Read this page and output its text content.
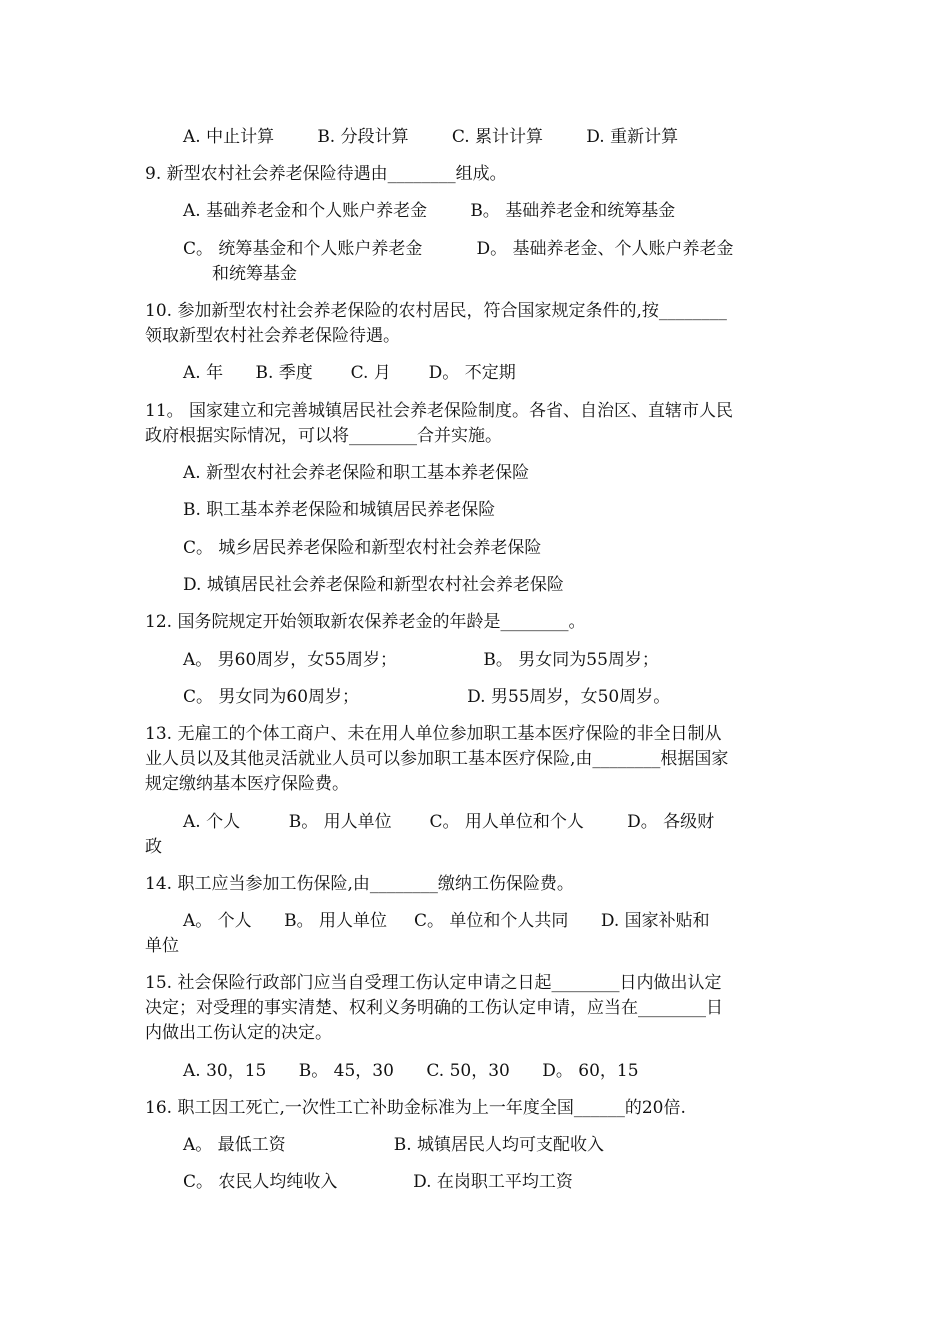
A. 中止计算        B. 分段计算        C. 累计计算        D. 重新计算
9. 新型农村社会养老保险待遇由________组成。
A. 基础养老金和个人账户养老金        B。 基础养老金和统筹基金
C。 统筹基金和个人账户养老金          D。 基础养老金、个人账户养老金
和统筹基金
10. 参加新型农村社会养老保险的农村居民，符合国家规定条件的,按________
领取新型农村社会养老保险待遇。
A. 年      B. 季度       C. 月       D。 不定期
11。 国家建立和完善城镇居民社会养老保险制度。各省、自治区、直辖市人民
政府根据实际情况，可以将________合并实施。
A. 新型农村社会养老保险和职工基本养老保险
B. 职工基本养老保险和城镇居民养老保险
C。 城乡居民养老保险和新型农村社会养老保险
D. 城镇居民社会养老保险和新型农村社会养老保险
12. 国务院规定开始领取新农保养老金的年龄是________。
A。 男60周岁，女55周岁；                B。 男女同为55周岁；
C。 男女同为60周岁；                    D. 男55周岁，女50周岁。
13. 无雇工的个体工商户、未在用人单位参加职工基本医疗保险的非全日制从
业人员以及其他灵活就业人员可以参加职工基本医疗保险,由________根据国家
规定缴纳基本医疗保险费。
A. 个人         B。 用人单位       C。 用人单位和个人        D。 各级财
政
14. 职工应当参加工伤保险,由________缴纳工伤保险费。
A。 个人      B。 用人单位     C。 单位和个人共同      D. 国家补贴和
单位
15. 社会保险行政部门应当自受理工伤认定申请之日起________日内做出认定
决定；对受理的事实清楚、权利义务明确的工伤认定申请，应当在________日
内做出工伤认定的决定。
A. 30，15      B。 45，30      C. 50，30      D。 60，15
16. 职工因工死亡,一次性工亡补助金标准为上一年度全国______的20倍.
A。 最低工资                    B. 城镇居民人均可支配收入
C。 农民人均纯收入              D. 在岗职工平均工资
